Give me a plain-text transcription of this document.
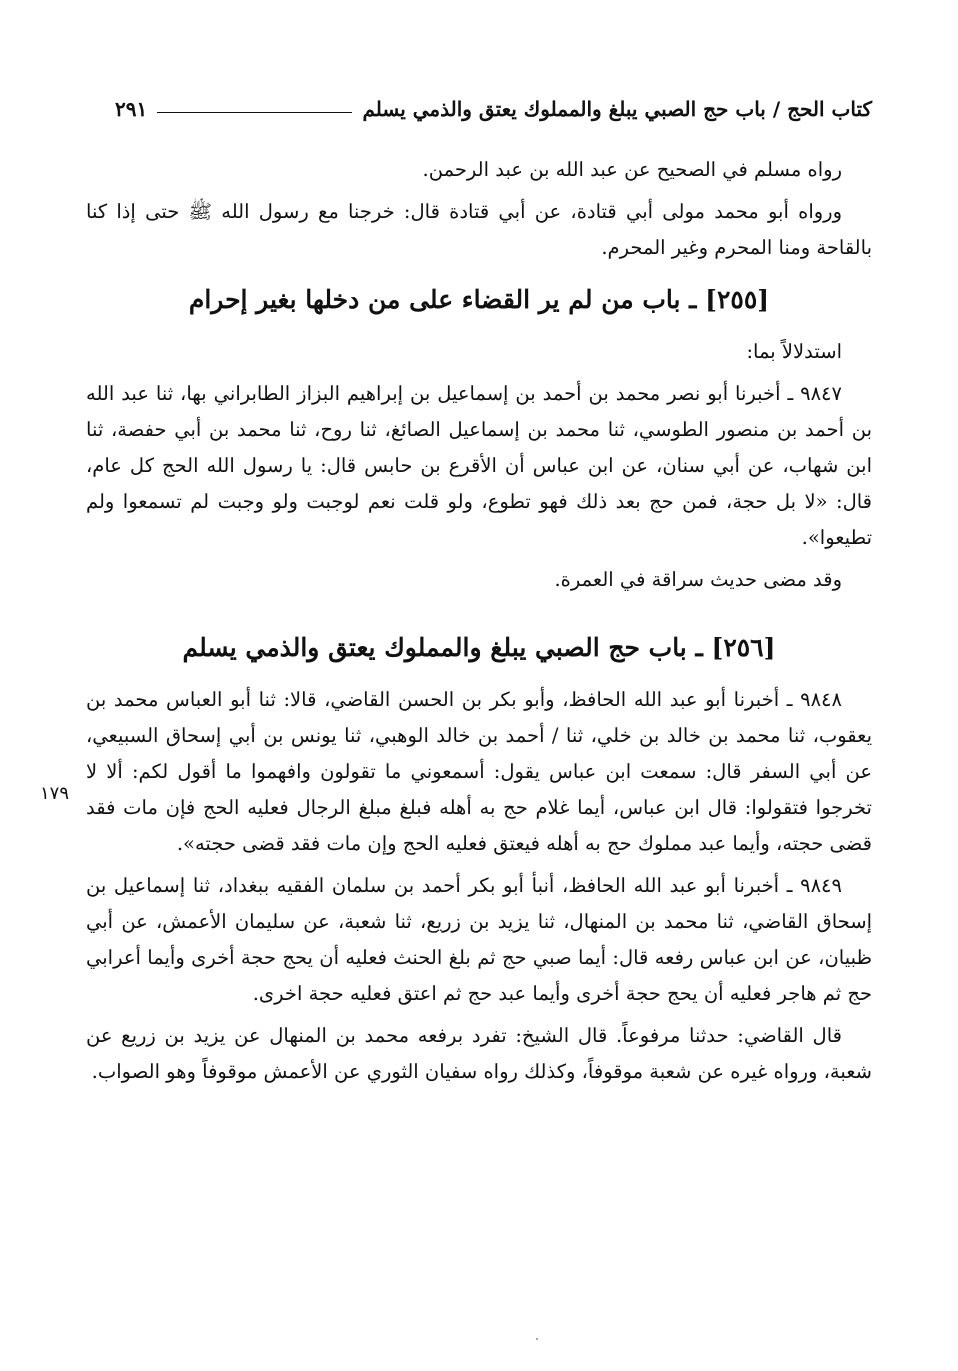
كتاب الحج / باب حج الصبي يبلغ والمملوك يعتق والذمي يسلم
٢٩١
١٧٩

رواه مسلم في الصحيح عن عبد الله بن عبد الرحمن.

ورواه أبو محمد مولى أبي قتادة، عن أبي قتادة قال: خرجنا مع رسول الله ﷺ حتى إذا كنا بالقاحة ومنا المحرم وغير المحرم.

[٢٥٥] ـ باب من لم ير القضاء على من دخلها بغير إحرام

استدلالاً بما:

٩٨٤٧ ـ أخبرنا أبو نصر محمد بن أحمد بن إسماعيل بن إبراهيم البزاز الطابراني بها، ثنا عبد الله بن أحمد بن منصور الطوسي، ثنا محمد بن إسماعيل الصائغ، ثنا روح، ثنا محمد بن أبي حفصة، ثنا ابن شهاب، عن أبي سنان، عن ابن عباس أن الأقرع بن حابس قال: يا رسول الله الحج كل عام، قال: «لا بل حجة، فمن حج بعد ذلك فهو تطوع، ولو قلت نعم لوجبت ولو وجبت لم تسمعوا ولم تطيعوا».

وقد مضى حديث سراقة في العمرة.

[٢٥٦] ـ باب حج الصبي يبلغ والمملوك يعتق والذمي يسلم

٩٨٤٨ ـ أخبرنا أبو عبد الله الحافظ، وأبو بكر بن الحسن القاضي، قالا: ثنا أبو العباس محمد بن يعقوب، ثنا محمد بن خالد بن خلي، ثنا / أحمد بن خالد الوهبي، ثنا يونس بن أبي إسحاق السبيعي، عن أبي السفر قال: سمعت ابن عباس يقول: أسمعوني ما تقولون وافهموا ما أقول لكم: ألا لا تخرجوا فتقولوا: قال ابن عباس، أيما غلام حج به أهله فبلغ مبلغ الرجال فعليه الحج فإن مات فقد قضى حجته، وأيما عبد مملوك حج به أهله فيعتق فعليه الحج وإن مات فقد قضى حجته».

٩٨٤٩ ـ أخبرنا أبو عبد الله الحافظ، أنبأ أبو بكر أحمد بن سلمان الفقيه ببغداد، ثنا إسماعيل بن إسحاق القاضي، ثنا محمد بن المنهال، ثنا يزيد بن زريع، ثنا شعبة، عن سليمان الأعمش، عن أبي ظبيان، عن ابن عباس رفعه قال: أيما صبي حج ثم بلغ الحنث فعليه أن يحج حجة أخرى وأيما أعرابي حج ثم هاجر فعليه أن يحج حجة أخرى وأيما عبد حج ثم اعتق فعليه حجة اخرى.

قال القاضي: حدثنا مرفوعاً. قال الشيخ: تفرد برفعه محمد بن المنهال عن يزيد بن زريع عن شعبة، ورواه غيره عن شعبة موقوفاً، وكذلك رواه سفيان الثوري عن الأعمش موقوفاً وهو الصواب.
